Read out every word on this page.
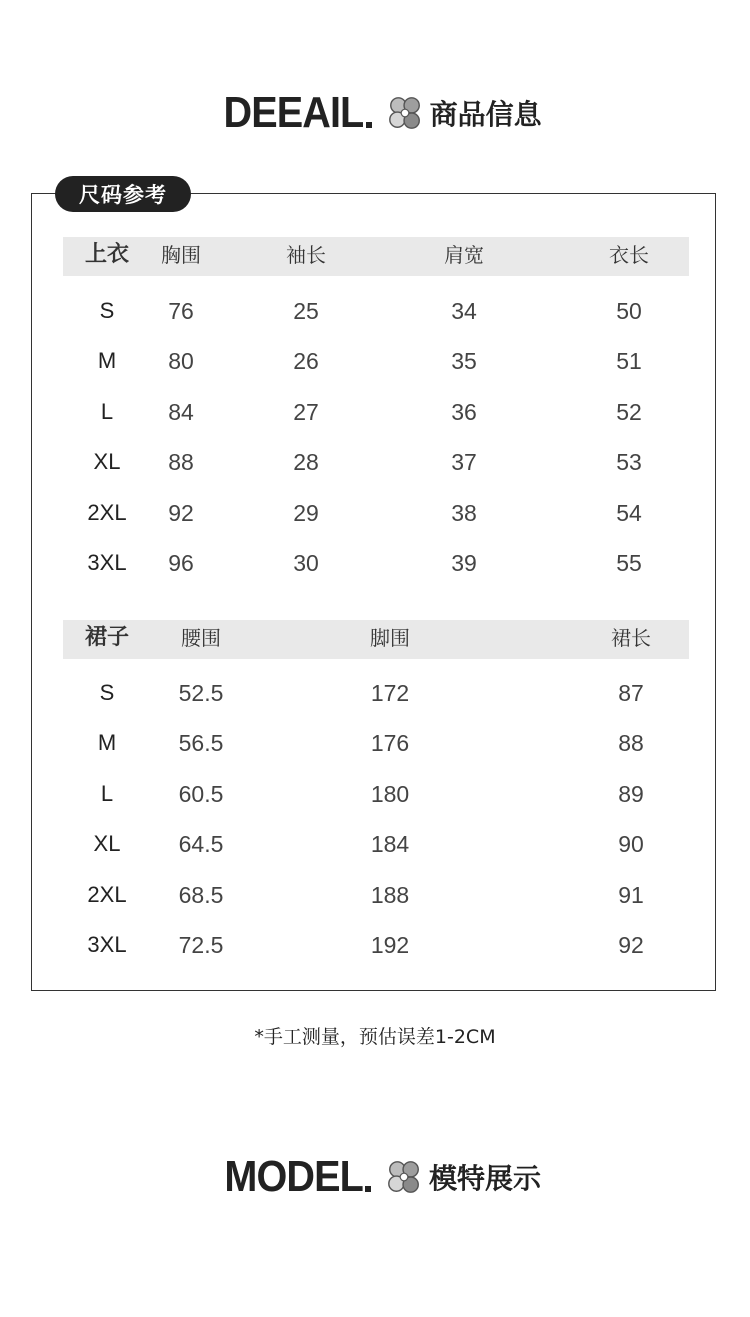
DEEAIL 商品信息
尺码参考
上衣 胸围	袖长	肩宽	衣长
S 76	25	34	50
M 80	26	35	51
L 84	27	36	52
XL 88	28	37	53
2XL 92	29	38	54
3XL 96	30	39	55
裙子	腰围	脚围	裙长
S	52.5	172	87
M	56.5	176	88
L	60.5	180	89
XL	64.5	184	90
2XL 68.5	188	91
3XL 72.5	192	92
*手工测量，预估误差1-2CM
MODEL 模特展示
